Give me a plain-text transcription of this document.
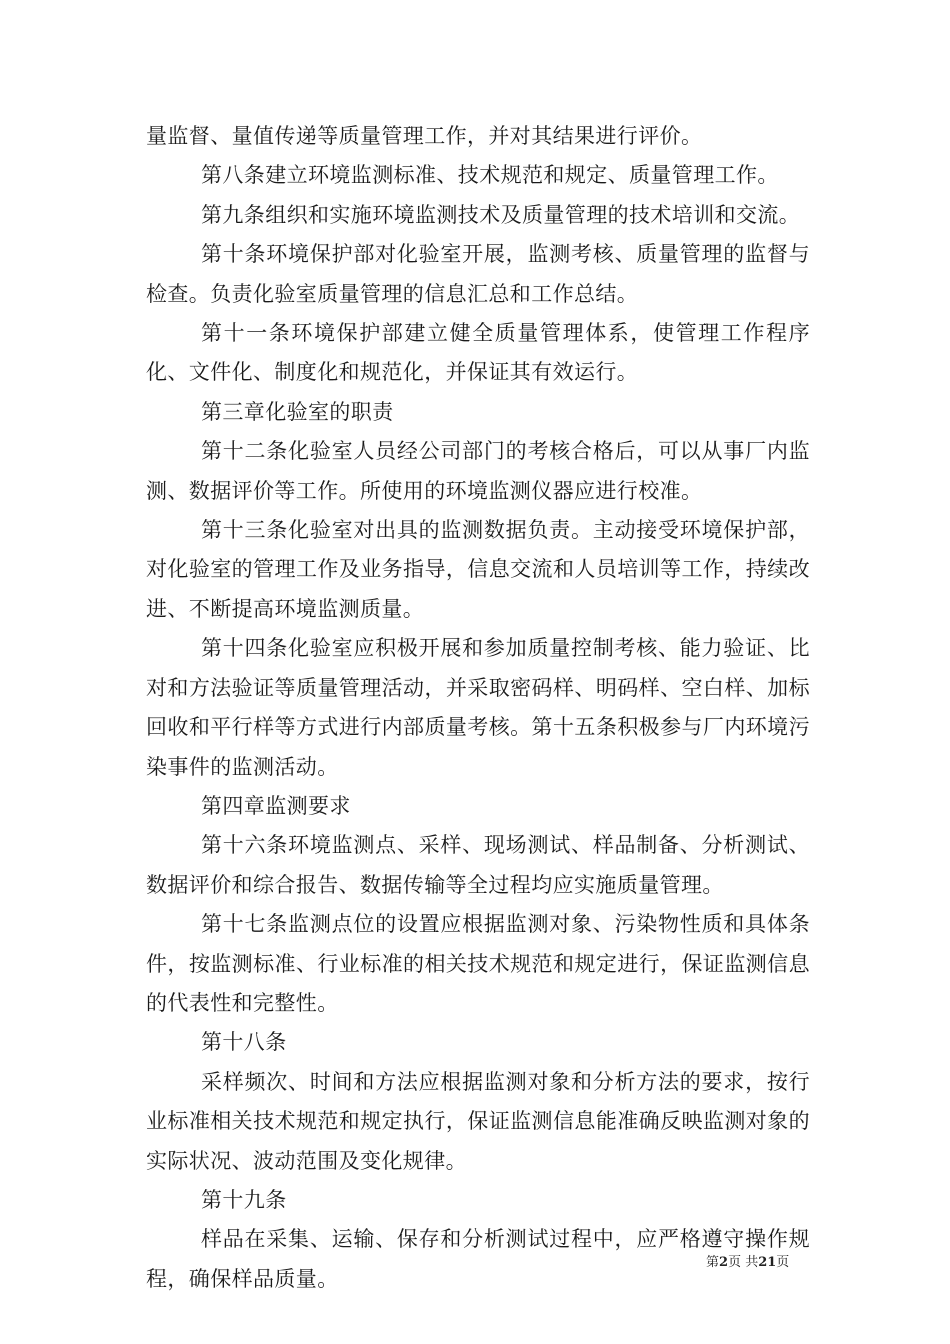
量监督、量值传递等质量管理工作，并对其结果进行评价。

第八条建立环境监测标准、技术规范和规定、质量管理工作。

第九条组织和实施环境监测技术及质量管理的技术培训和交流。

第十条环境保护部对化验室开展，监测考核、质量管理的监督与检查。负责化验室质量管理的信息汇总和工作总结。

第十一条环境保护部建立健全质量管理体系，使管理工作程序化、文件化、制度化和规范化，并保证其有效运行。

第三章化验室的职责

第十二条化验室人员经公司部门的考核合格后，可以从事厂内监测、数据评价等工作。所使用的环境监测仪器应进行校准。

第十三条化验室对出具的监测数据负责。主动接受环境保护部，对化验室的管理工作及业务指导，信息交流和人员培训等工作，持续改进、不断提高环境监测质量。

第十四条化验室应积极开展和参加质量控制考核、能力验证、比对和方法验证等质量管理活动，并采取密码样、明码样、空白样、加标回收和平行样等方式进行内部质量考核。第十五条积极参与厂内环境污染事件的监测活动。

第四章监测要求

第十六条环境监测点、采样、现场测试、样品制备、分析测试、数据评价和综合报告、数据传输等全过程均应实施质量管理。

第十七条监测点位的设置应根据监测对象、污染物性质和具体条件，按监测标准、行业标准的相关技术规范和规定进行，保证监测信息的代表性和完整性。

第十八条

采样频次、时间和方法应根据监测对象和分析方法的要求，按行业标准相关技术规范和规定执行，保证监测信息能准确反映监测对象的实际状况、波动范围及变化规律。

第十九条

样品在采集、运输、保存和分析测试过程中，应严格遵守操作规程，确保样品质量。

第2页 共21页
